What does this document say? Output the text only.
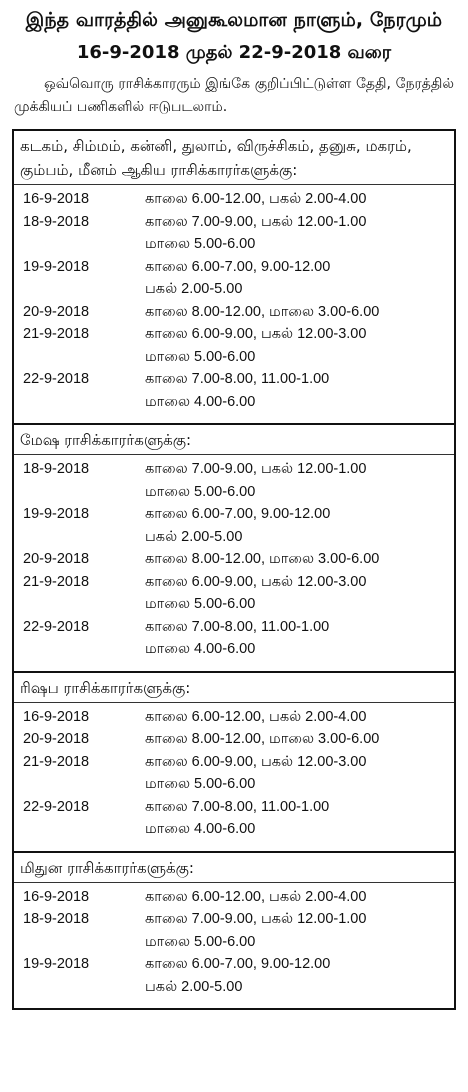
இந்த வாரத்தில் அனுகூலமான நாளும், நேரமும்
16-9-2018 முதல் 22-9-2018 வரை
ஒவ்வொரு ராசிக்காரரும் இங்கே குறிப்பிட்டுள்ள தேதி, நேரத்தில் முக்கியப் பணிகளில் ஈடுபடலாம்.
கடகம், சிம்மம், கன்னி, துலாம், விருச்சிகம், தனுசு, மகரம், கும்பம், மீனம் ஆகிய ராசிக்காரர்களுக்கு:
16-9-2018	காலை 6.00-12.00, பகல் 2.00-4.00
18-9-2018	காலை 7.00-9.00, பகல் 12.00-1.00
மாலை 5.00-6.00
19-9-2018	காலை 6.00-7.00, 9.00-12.00
பகல் 2.00-5.00
20-9-2018	காலை 8.00-12.00, மாலை 3.00-6.00
21-9-2018	காலை 6.00-9.00, பகல் 12.00-3.00
மாலை 5.00-6.00
22-9-2018	காலை 7.00-8.00, 11.00-1.00
மாலை 4.00-6.00
மேஷ ராசிக்காரர்களுக்கு:
18-9-2018	காலை 7.00-9.00, பகல் 12.00-1.00
மாலை 5.00-6.00
19-9-2018	காலை 6.00-7.00, 9.00-12.00
பகல் 2.00-5.00
20-9-2018	காலை 8.00-12.00, மாலை 3.00-6.00
21-9-2018	காலை 6.00-9.00, பகல் 12.00-3.00
மாலை 5.00-6.00
22-9-2018	காலை 7.00-8.00, 11.00-1.00
மாலை 4.00-6.00
ரிஷப ராசிக்காரர்களுக்கு:
16-9-2018	காலை 6.00-12.00, பகல் 2.00-4.00
20-9-2018	காலை 8.00-12.00, மாலை 3.00-6.00
21-9-2018	காலை 6.00-9.00, பகல் 12.00-3.00
மாலை 5.00-6.00
22-9-2018	காலை 7.00-8.00, 11.00-1.00
மாலை 4.00-6.00
மிதுன ராசிக்காரர்களுக்கு:
16-9-2018	காலை 6.00-12.00, பகல் 2.00-4.00
18-9-2018	காலை 7.00-9.00, பகல் 12.00-1.00
மாலை 5.00-6.00
19-9-2018	காலை 6.00-7.00, 9.00-12.00
பகல் 2.00-5.00
